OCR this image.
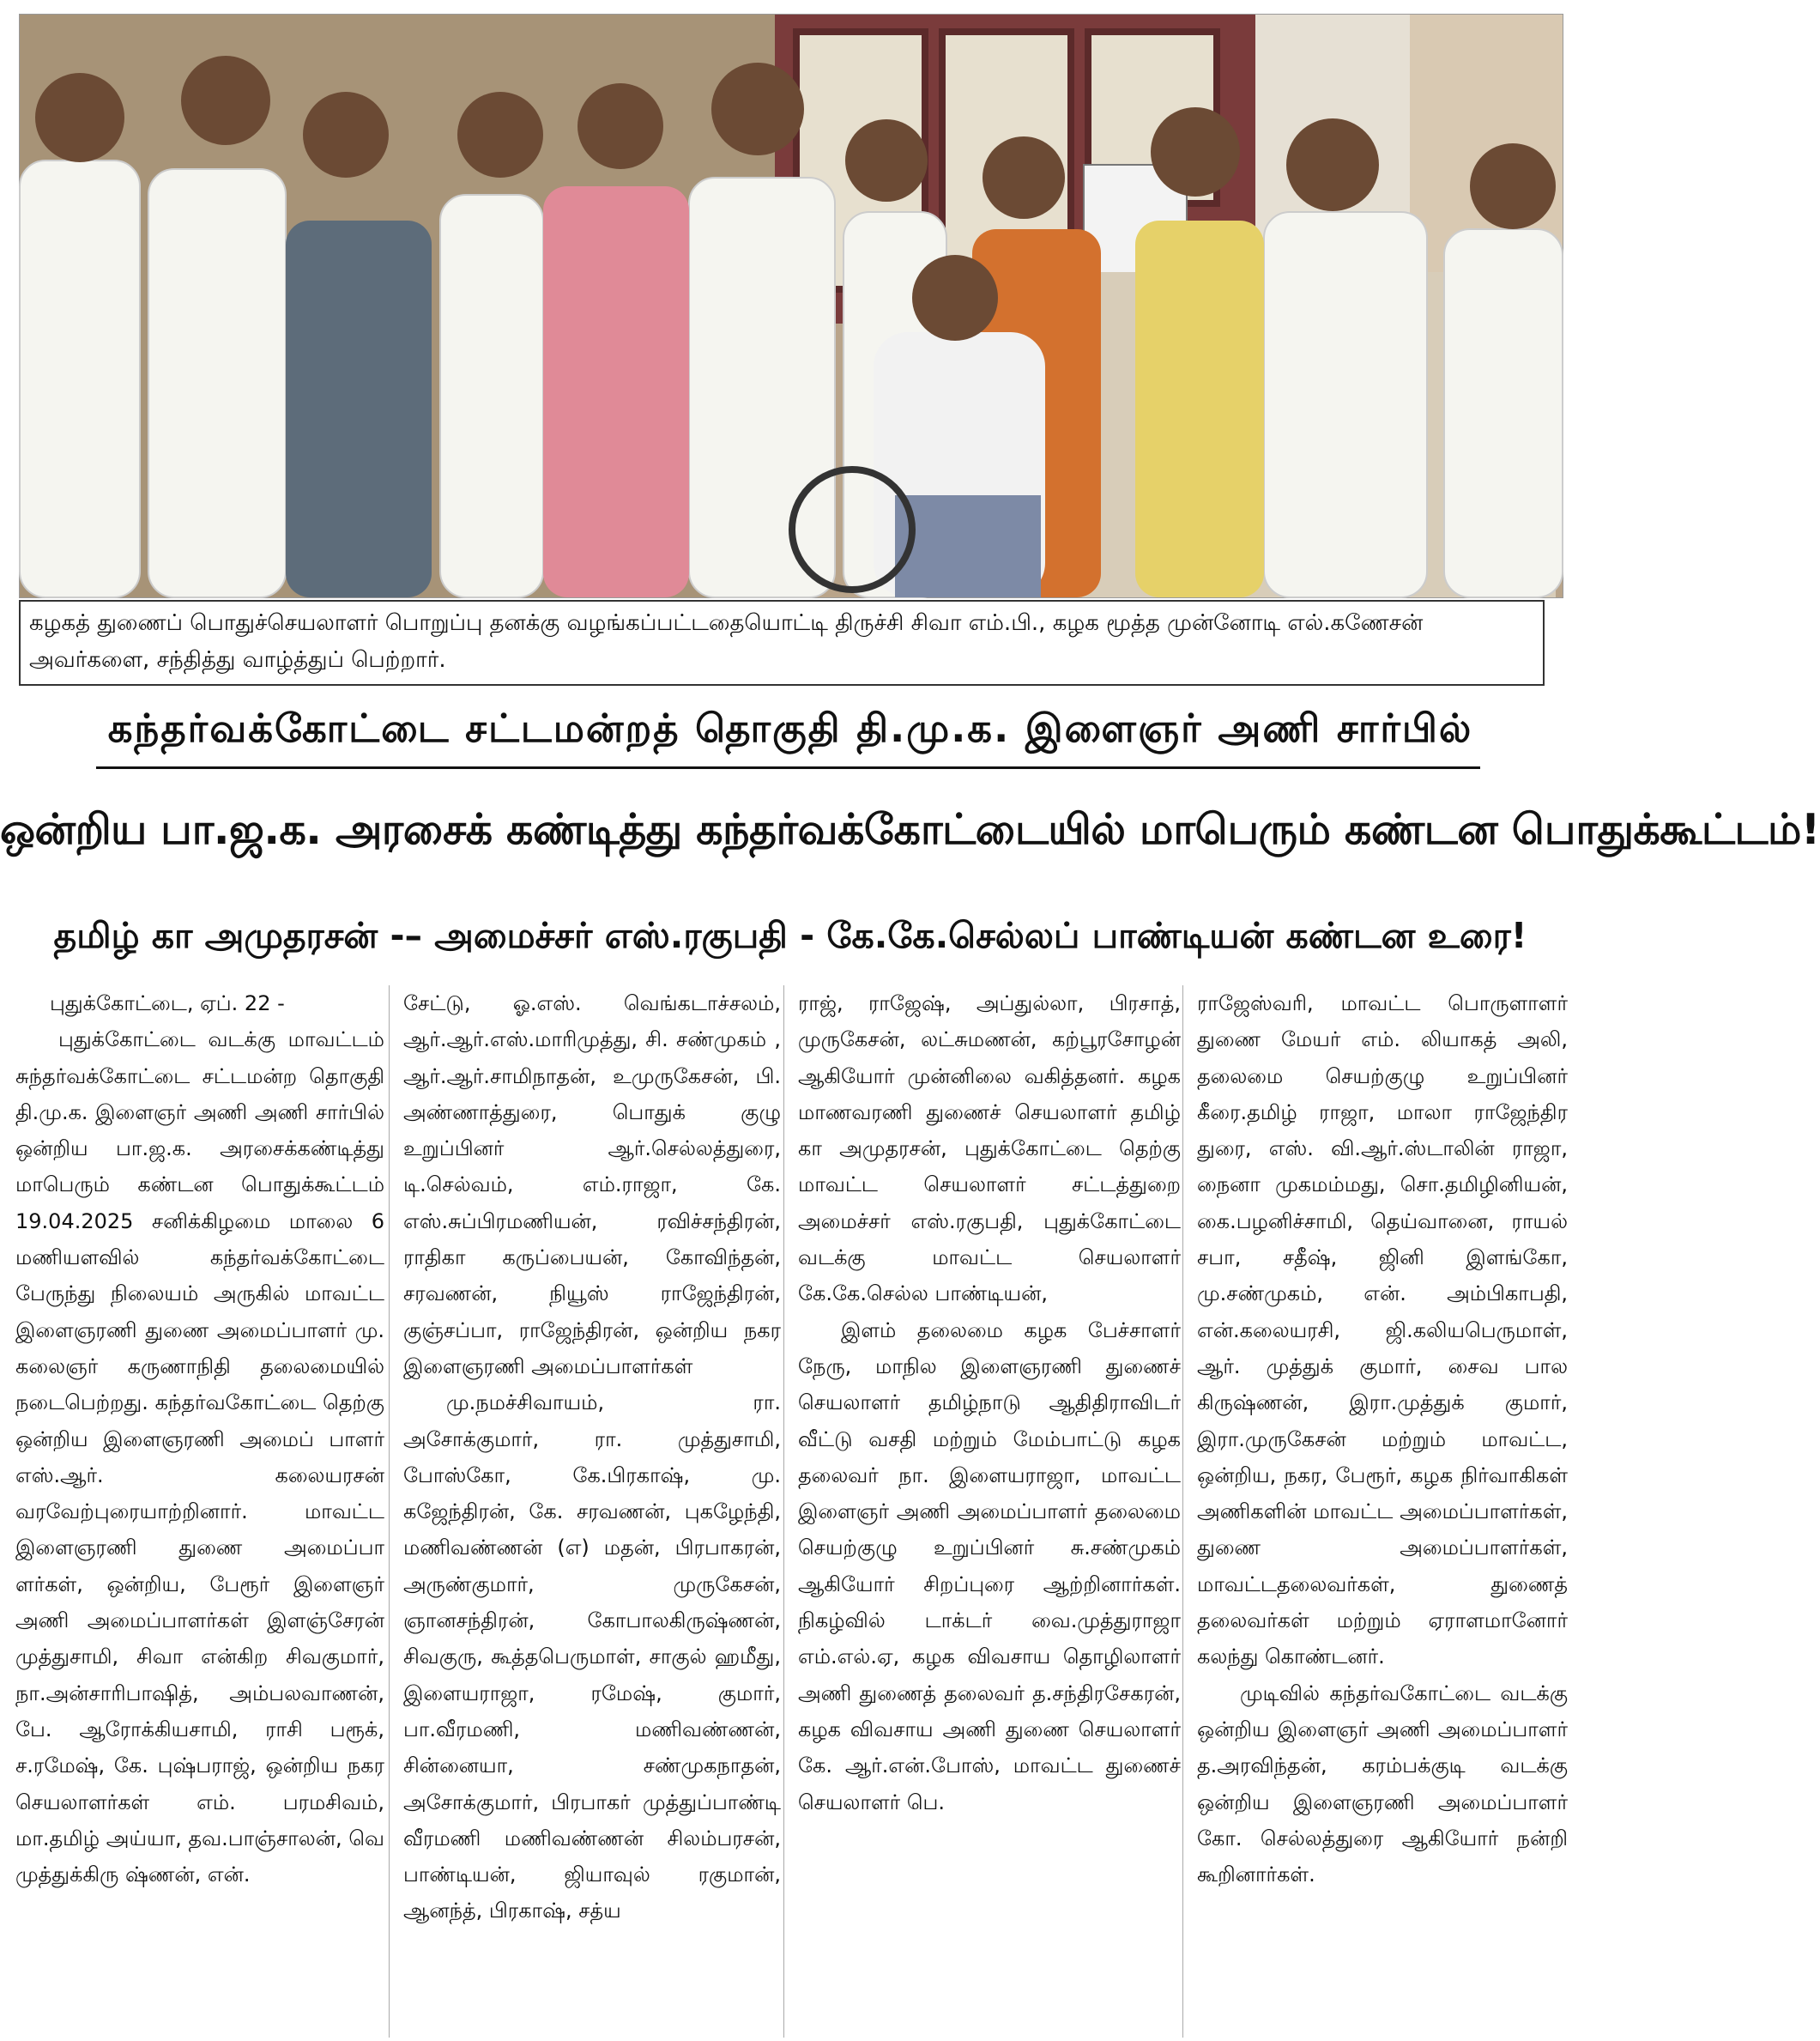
கழகத் துணைப் பொதுச்செயலாளர் பொறுப்பு தனக்கு வழங்கப்பட்டதையொட்டி திருச்சி சிவா எம்.பி., கழக மூத்த முன்னோடி எல்.கணேசன் அவர்களை, சந்தித்து வாழ்த்துப் பெற்றார்.
கந்தர்வக்கோட்டை சட்டமன்றத் தொகுதி தி.மு.க. இளைஞர் அணி சார்பில்
ஒன்றிய பா.ஜ.க. அரசைக் கண்டித்து கந்தர்வக்கோட்டையில் மாபெரும் கண்டன பொதுக்கூட்டம்!
தமிழ் கா அமுதரசன் -– அமைச்சர் எஸ்.ரகுபதி - கே.கே.செல்லப் பாண்டியன் கண்டன உரை!

புதுக்கோட்டை, ஏப். 22 -

புதுக்கோட்டை வடக்கு மாவட்டம் சுந்தர்வக்கோட்டை சட்டமன்ற தொகுதி தி.மு.க. இளைஞர் அணி அணி சார்பில் ஒன்றிய பா.ஜ.க. அரசைக்கண்டித்து மாபெரும் கண்டன பொதுக்கூட்டம் 19.04.2025 சனிக்கிழமை மாலை 6 மணியளவில் கந்தர்வக்கோட்டை பேருந்து நிலையம் அருகில் மாவட்ட இளைஞரணி துணை அமைப்பாளர் மு. கலைஞர் கருணாநிதி தலைமையில் நடைபெற்றது. கந்தர்வகோட்டை தெற்கு ஒன்றிய இளைஞரணி அமைப் பாளர் எஸ்.ஆர். கலையரசன் வரவேற்புரையாற்றினார். மாவட்ட இளைஞரணி துணை அமைப்பா ளர்கள், ஒன்றிய, பேரூர் இளைஞர் அணி அமைப்பாளர்கள் இளஞ்சேரன் முத்துசாமி, சிவா என்கிற சிவகுமார், நா.அன்சாரிபாஷித், அம்பலவாணன், பே. ஆரோக்கியசாமி, ராசி பரூக், ச.ரமேஷ், கே. புஷ்பராஜ், ஒன்றிய நகர செயலாளர்கள் எம். பரமசிவம், மா.தமிழ் அய்யா, தவ.பாஞ்சாலன், வெ முத்துக்கிரு ஷ்ணன், என்.

சேட்டு, ஓ.எஸ். வெங்கடாச்சலம், ஆர்.ஆர்.எஸ்.மாரிமுத்து, சி. சண்முகம் , ஆர்.ஆர்.சாமிநாதன், உமுருகேசன், பி. அண்ணாத்துரை, பொதுக் குழு உறுப்பினர் ஆர்.செல்லத்துரை, டி.செல்வம், எம்.ராஜா, கே. எஸ்.சுப்பிரமணியன், ரவிச்சந்திரன், ராதிகா கருப்பையன், கோவிந்தன், சரவணன், நியூஸ் ராஜேந்திரன், குஞ்சப்பா, ராஜேந்திரன், ஒன்றிய நகர இளைஞரணி அமைப்பாளர்கள்

மு.நமச்சிவாயம், ரா. அசோக்குமார், ரா. முத்துசாமி, போஸ்கோ, கே.பிரகாஷ், மு. கஜேந்திரன், கே. சரவணன், புகழேந்தி, மணிவண்ணன் (எ) மதன், பிரபாகரன், அருண்குமார், முருகேசன், ஞானசந்திரன், கோபாலகிருஷ்ணன், சிவகுரு, கூத்தபெருமாள், சாகுல் ஹமீது, இளையராஜா, ரமேஷ், குமார், பா.வீரமணி, மணிவண்ணன், சின்னையா, சண்முகநாதன், அசோக்குமார், பிரபாகர் முத்துப்பாண்டி வீரமணி மணிவண்ணன் சிலம்பரசன், பாண்டியன், ஜியாவுல் ரகுமான், ஆனந்த், பிரகாஷ், சத்ய

ராஜ், ராஜேஷ், அப்துல்லா, பிரசாத், முருகேசன், லட்சுமணன், கற்பூரசோழன் ஆகியோர் முன்னிலை வகித்தனர். கழக மாணவரணி துணைச் செயலாளர் தமிழ் கா அமுதரசன், புதுக்கோட்டை தெற்கு மாவட்ட செயலாளர் சட்டத்துறை அமைச்சர் எஸ்.ரகுபதி, புதுக்கோட்டை வடக்கு மாவட்ட செயலாளர் கே.கே.செல்ல பாண்டியன்,

இளம் தலைமை கழக பேச்சாளர் நேரு, மாநில இளைஞரணி துணைச் செயலாளர் தமிழ்நாடு ஆதிதிராவிடர் வீட்டு வசதி மற்றும் மேம்பாட்டு கழக தலைவர் நா. இளையராஜா, மாவட்ட இளைஞர் அணி அமைப்பாளர் தலைமை செயற்குழு உறுப்பினர் சு.சண்முகம் ஆகியோர் சிறப்புரை ஆற்றினார்கள். நிகழ்வில் டாக்டர் வை.முத்துராஜா எம்.எல்.ஏ, கழக விவசாய தொழிலாளர் அணி துணைத் தலைவர் த.சந்திரசேகரன், கழக விவசாய அணி துணை செயலாளர் கே. ஆர்.என்.போஸ், மாவட்ட துணைச் செயலாளர் பெ.

ராஜேஸ்வரி, மாவட்ட பொருளாளர் துணை மேயர் எம். லியாகத் அலி, தலைமை செயற்குழு உறுப்பினர் கீரை.தமிழ் ராஜா, மாலா ராஜேந்திர துரை, எஸ். வி.ஆர்.ஸ்டாலின் ராஜா, நைனா முகமம்மது, சொ.தமிழினியன், கை.பழனிச்சாமி, தெய்வானை, ராயல் சபா, சதீஷ், ஜினி இளங்கோ, மு.சண்முகம், என். அம்பிகாபதி, என்.கலையரசி, ஜி.கலியபெருமாள், ஆர். முத்துக் குமார், சைவ பால கிருஷ்ணன், இரா.முத்துக் குமார், இரா.முருகேசன் மற்றும் மாவட்ட, ஒன்றிய, நகர, பேரூர், கழக நிர்வாகிகள் அணிகளின் மாவட்ட அமைப்பாளர்கள், துணை அமைப்பாளர்கள், மாவட்டதலைவர்கள், துணைத் தலைவர்கள் மற்றும் ஏராளமானோர் கலந்து கொண்டனர்.

முடிவில் கந்தர்வகோட்டை வடக்கு ஒன்றிய இளைஞர் அணி அமைப்பாளர் த.அரவிந்தன், கரம்பக்குடி வடக்கு ஒன்றிய இளைஞரணி அமைப்பாளர் கோ. செல்லத்துரை ஆகியோர் நன்றி கூறினார்கள்.
